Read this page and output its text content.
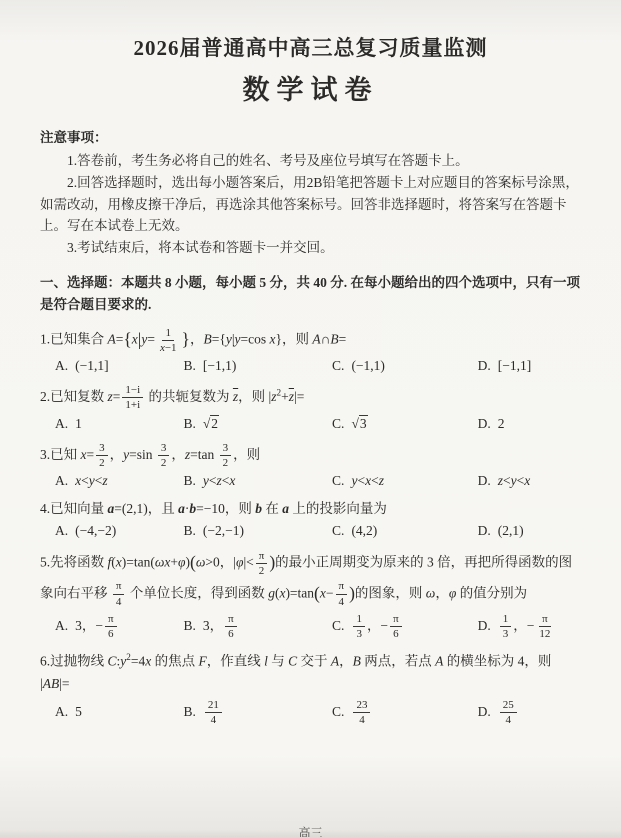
2026届普通高中高三总复习质量监测
数学试卷

注意事项：

1.答卷前，考生务必将自己的姓名、考号及座位号填写在答题卡上。

2.回答选择题时，选出每小题答案后，用2B铅笔把答题卡上对应题目的答案标号涂黑，如需改动，用橡皮擦干净后，再选涂其他答案标号。回答非选择题时，将答案写在答题卡上。写在本试卷上无效。

3.考试结束后，将本试卷和答题卡一并交回。

一、选择题：本题共 8 小题，每小题 5 分，共 40 分. 在每小题给出的四个选项中，只有一项是符合题目要求的.

1.已知集合 $A=\{x|y= \frac{1}{x-1}$ }，B={y|y=cos x}，则 A∩B=

A. (−1,1]	B. [−1,1)	C. (−1,1)	D. [−1,1]

2.已知复数 $z= \frac{1-i}{1+i}$ 的共轭复数为 $\overline{z}$，则 $|z^2+\overline{z}|=$

A. 1	B. √2	C. √3	D. 2

3.已知 $x= \frac{3}{2}$ ，$y=\sin \frac{3}{2}$ ，$z=\tan \frac{3}{2}$ ，则

A. x<y<z	B. y<z<x	C. y<x<z	D. z<y<x

4.已知向量 a=(2,1)，且 a·b=−10，则 b 在 a 上的投影向量为

A. (−4,−2)	B. (−2,−1)	C. (4,2)	D. (2,1)

5.先将函数 f(x)=tan(ωx+φ)(ω>0，$|\varphi|< \frac{\pi}{2}$ )的最小正周期变为原来的 3 倍，再把所得函数的图象向右平移 $\frac{\pi}{4}$ 个单位长度，得到函数 $g(x)=\tan(x- \frac{\pi}{4}$ )的图象，则 ω，φ 的值分别为

A. 3，− $\frac{\pi}{6}$	B. 3， $\frac{\pi}{6}$	C. $\frac{1}{3}$ ，− $\frac{\pi}{6}$	D. $\frac{1}{3}$ ，− $\frac{\pi}{12}$

6.过抛物线 $C:y^2=4x$ 的焦点 F，作直线 l 与 C 交于 A，B 两点，若点 A 的横坐标为 4，则 |AB|=

A. 5	B. $\frac{21}{4}$	C. $\frac{23}{4}$	D. $\frac{25}{4}$
高三
